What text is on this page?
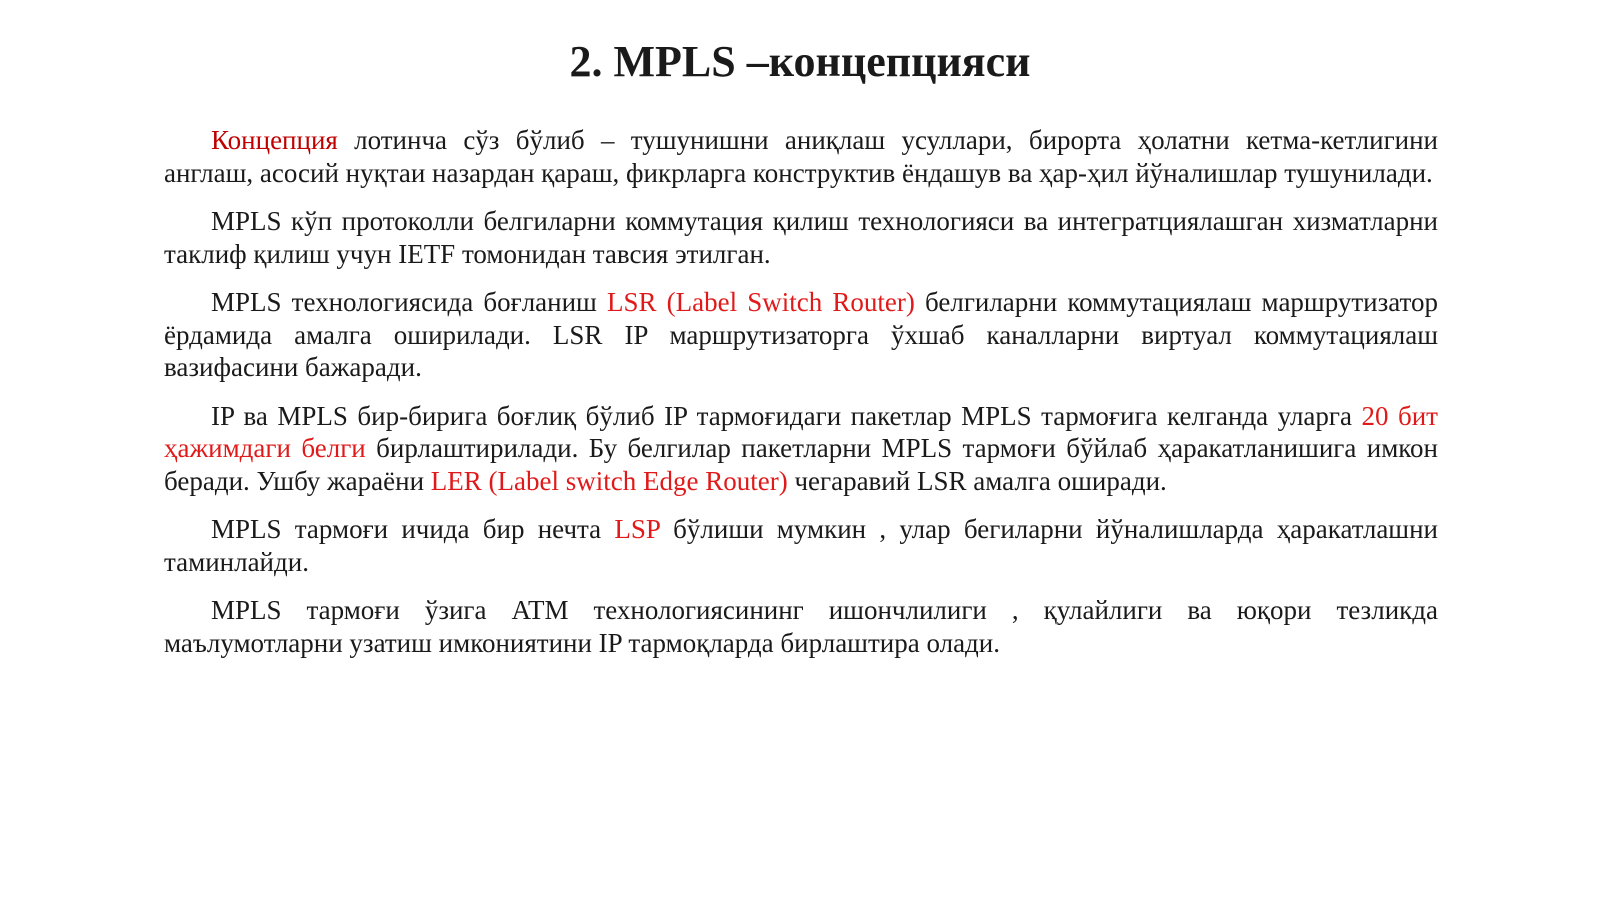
2. MPLS –концепцияси

Концепция лотинча сўз бўлиб – тушунишни аниқлаш усуллари, бирорта ҳолатни кетма-кетлигини англаш, асосий нуқтаи назардан қараш, фикрларга конструктив ёндашув ва ҳар-ҳил йўналишлар тушунилади.

MPLS кўп протоколли белгиларни коммутация қилиш технологияси ва интегратциялашган хизматларни таклиф қилиш учун IETF томонидан тавсия этилган.

MPLS технологиясида боғланиш LSR (Label Switch Router) белгиларни коммутациялаш маршрутизатор ёрдамида амалга оширилади. LSR IP маршрутизаторга ўхшаб каналларни виртуал коммутациялаш вазифасини бажаради.

IP ва MPLS бир-бирига боғлиқ бўлиб IP тармоғидаги пакетлар MPLS тармоғига келганда уларга 20 бит ҳажимдаги белги бирлаштирилади. Бу белгилар пакетларни MPLS тармоғи бўйлаб ҳаракатланишига имкон беради. Ушбу жараёни LER (Label switch Edge Router) чегаравий LSR амалга оширади.

MPLS тармоғи ичида бир нечта LSP бўлиши мумкин , улар бегиларни йўналишларда ҳаракатлашни таминлайди.

MPLS тармоғи ўзига ATM технологиясининг ишончлилиги , қулайлиги ва юқори тезликда маълумотларни узатиш имкониятини IP тармоқларда бирлаштира олади.
